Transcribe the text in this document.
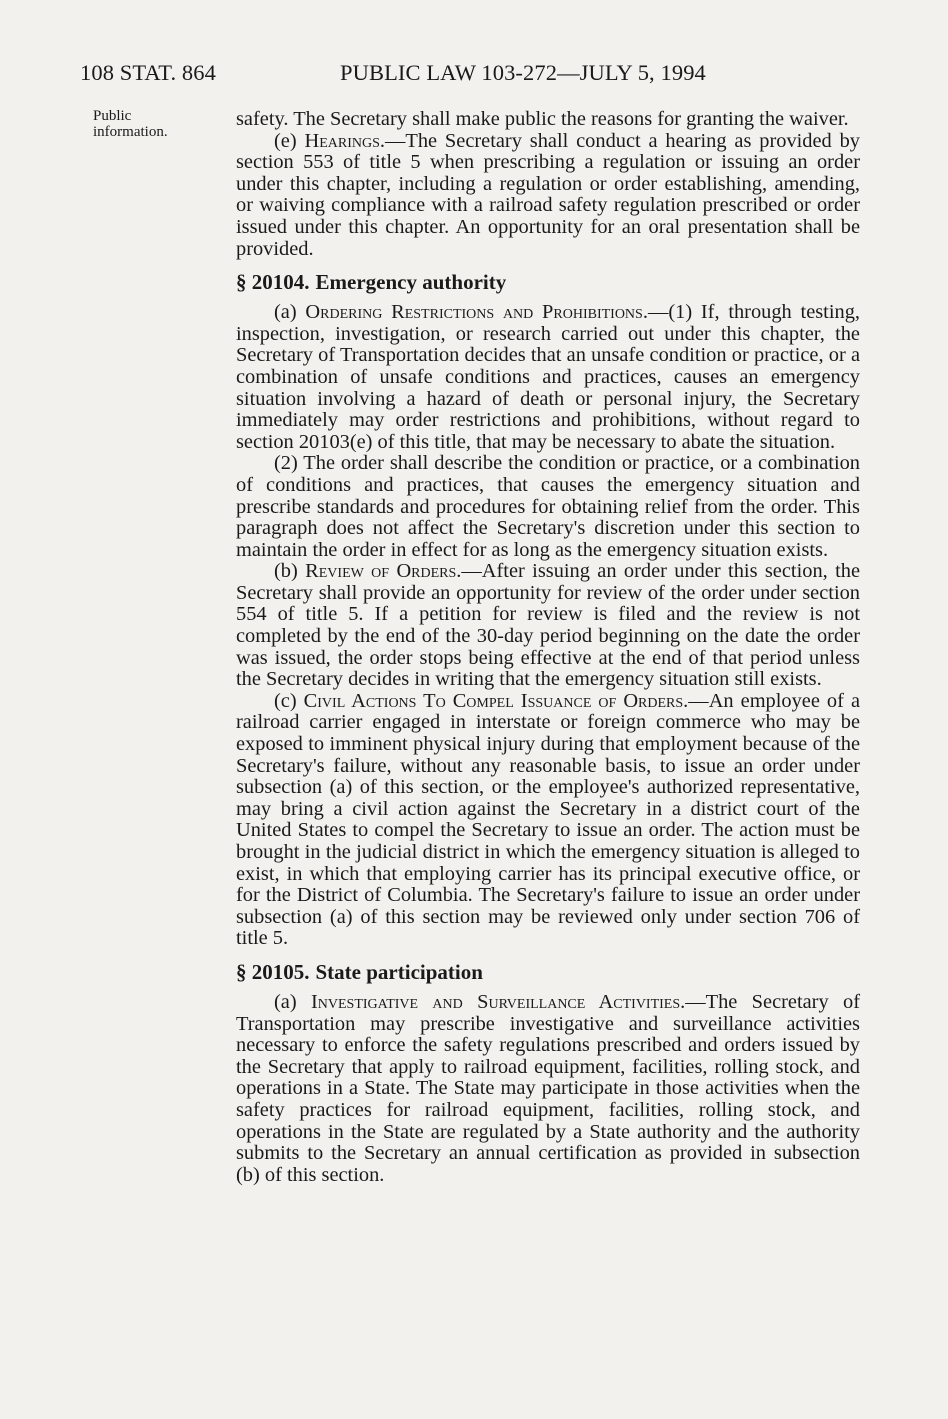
108 STAT. 864	PUBLIC LAW 103-272—JULY 5, 1994
Public
information.

safety. The Secretary shall make public the reasons for granting the waiver.

(e) Hearings.—The Secretary shall conduct a hearing as provided by section 553 of title 5 when prescribing a regulation or issuing an order under this chapter, including a regulation or order establishing, amending, or waiving compliance with a railroad safety regulation prescribed or order issued under this chapter. An opportunity for an oral presentation shall be provided.

§ 20104. Emergency authority

(a) Ordering Restrictions and Prohibitions.—(1) If, through testing, inspection, investigation, or research carried out under this chapter, the Secretary of Transportation decides that an unsafe condition or practice, or a combination of unsafe conditions and practices, causes an emergency situation involving a hazard of death or personal injury, the Secretary immediately may order restrictions and prohibitions, without regard to section 20103(e) of this title, that may be necessary to abate the situation.

(2) The order shall describe the condition or practice, or a combination of conditions and practices, that causes the emergency situation and prescribe standards and procedures for obtaining relief from the order. This paragraph does not affect the Secretary's discretion under this section to maintain the order in effect for as long as the emergency situation exists.

(b) Review of Orders.—After issuing an order under this section, the Secretary shall provide an opportunity for review of the order under section 554 of title 5. If a petition for review is filed and the review is not completed by the end of the 30-day period beginning on the date the order was issued, the order stops being effective at the end of that period unless the Secretary decides in writing that the emergency situation still exists.

(c) Civil Actions To Compel Issuance of Orders.—An employee of a railroad carrier engaged in interstate or foreign commerce who may be exposed to imminent physical injury during that employment because of the Secretary's failure, without any reasonable basis, to issue an order under subsection (a) of this section, or the employee's authorized representative, may bring a civil action against the Secretary in a district court of the United States to compel the Secretary to issue an order. The action must be brought in the judicial district in which the emergency situation is alleged to exist, in which that employing carrier has its principal executive office, or for the District of Columbia. The Secretary's failure to issue an order under subsection (a) of this section may be reviewed only under section 706 of title 5.

§ 20105. State participation

(a) Investigative and Surveillance Activities.—The Secretary of Transportation may prescribe investigative and surveillance activities necessary to enforce the safety regulations prescribed and orders issued by the Secretary that apply to railroad equipment, facilities, rolling stock, and operations in a State. The State may participate in those activities when the safety practices for railroad equipment, facilities, rolling stock, and operations in the State are regulated by a State authority and the authority submits to the Secretary an annual certification as provided in subsection (b) of this section.
